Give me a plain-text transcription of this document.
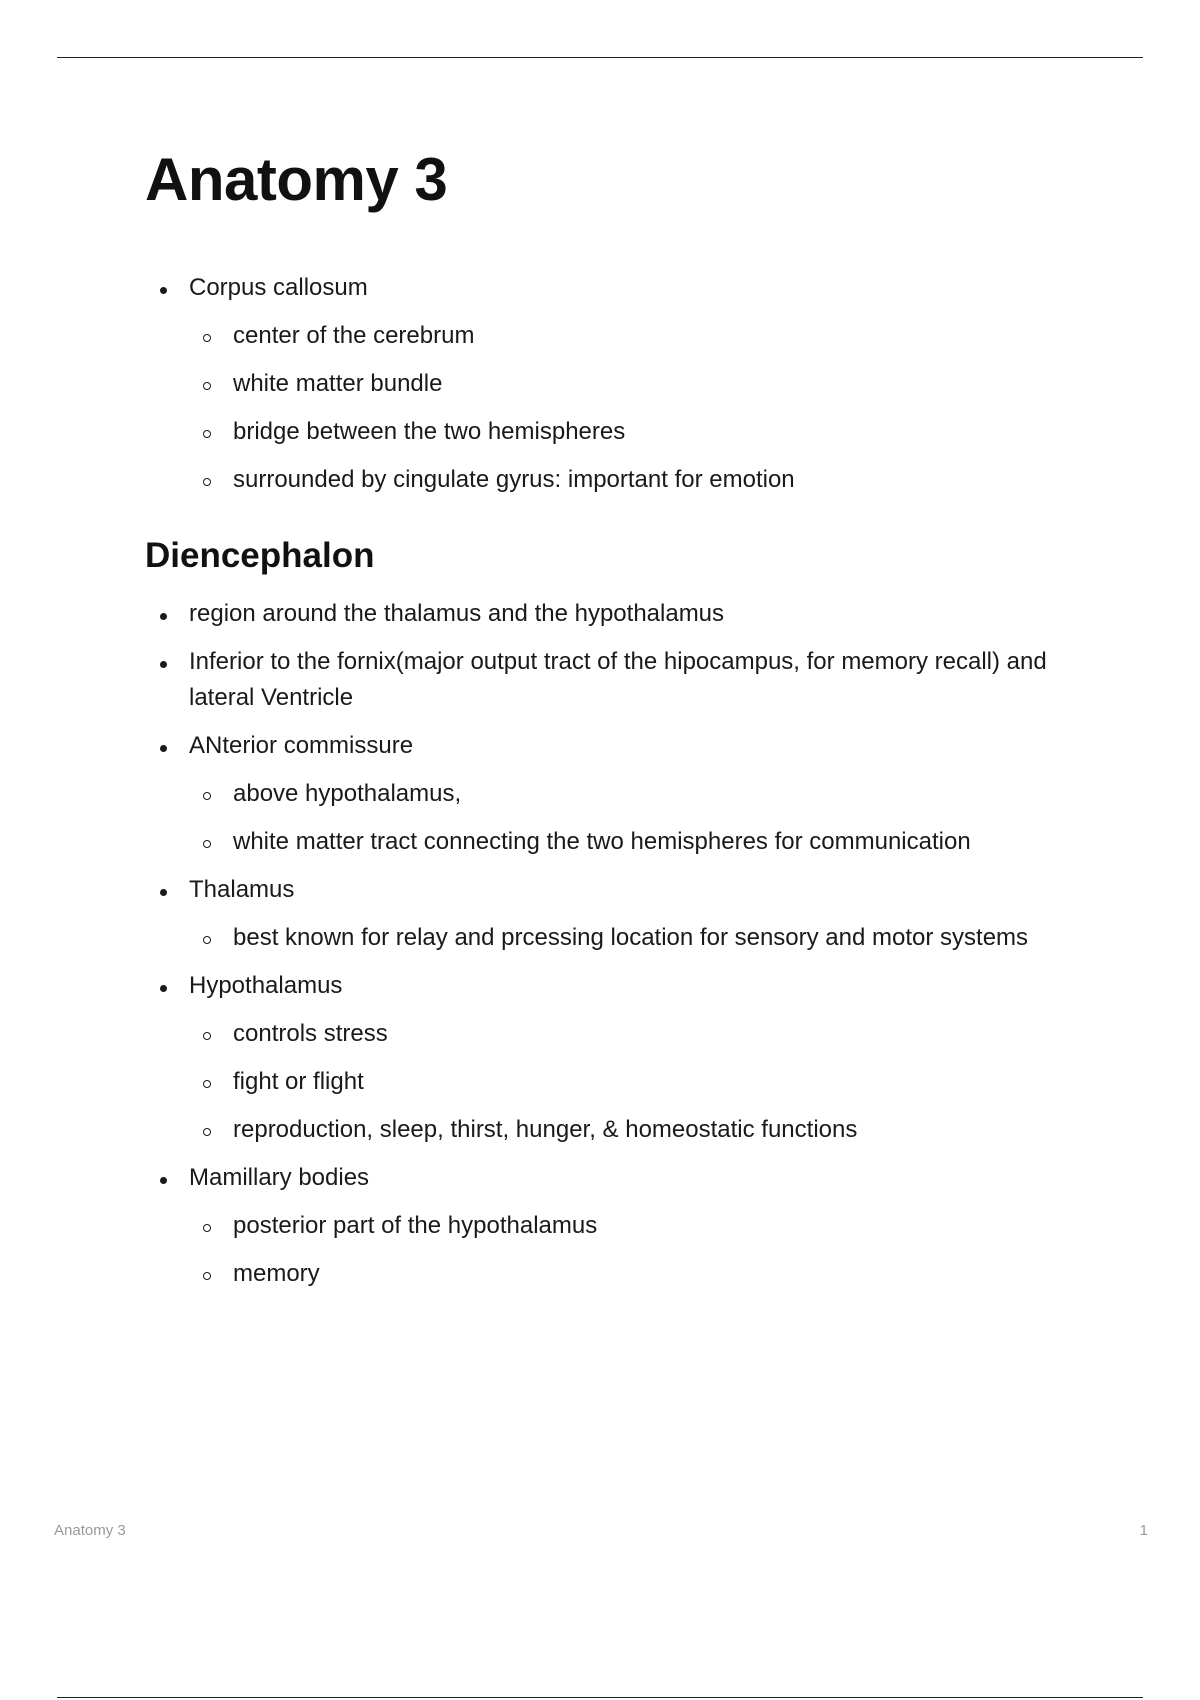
Anatomy 3
Corpus callosum
center of the cerebrum
white matter bundle
bridge between the two hemispheres
surrounded by cingulate gyrus: important for emotion
Diencephalon
region around the thalamus and the hypothalamus
Inferior to the fornix(major output tract of the hipocampus, for memory recall) and lateral Ventricle
ANterior commissure
above hypothalamus,
white matter tract connecting the two hemispheres for communication
Thalamus
best known for relay and prcessing location for sensory and motor systems
Hypothalamus
controls stress
fight or flight
reproduction, sleep, thirst, hunger, & homeostatic functions
Mamillary bodies
posterior part of the hypothalamus
memory
Anatomy 3	1
